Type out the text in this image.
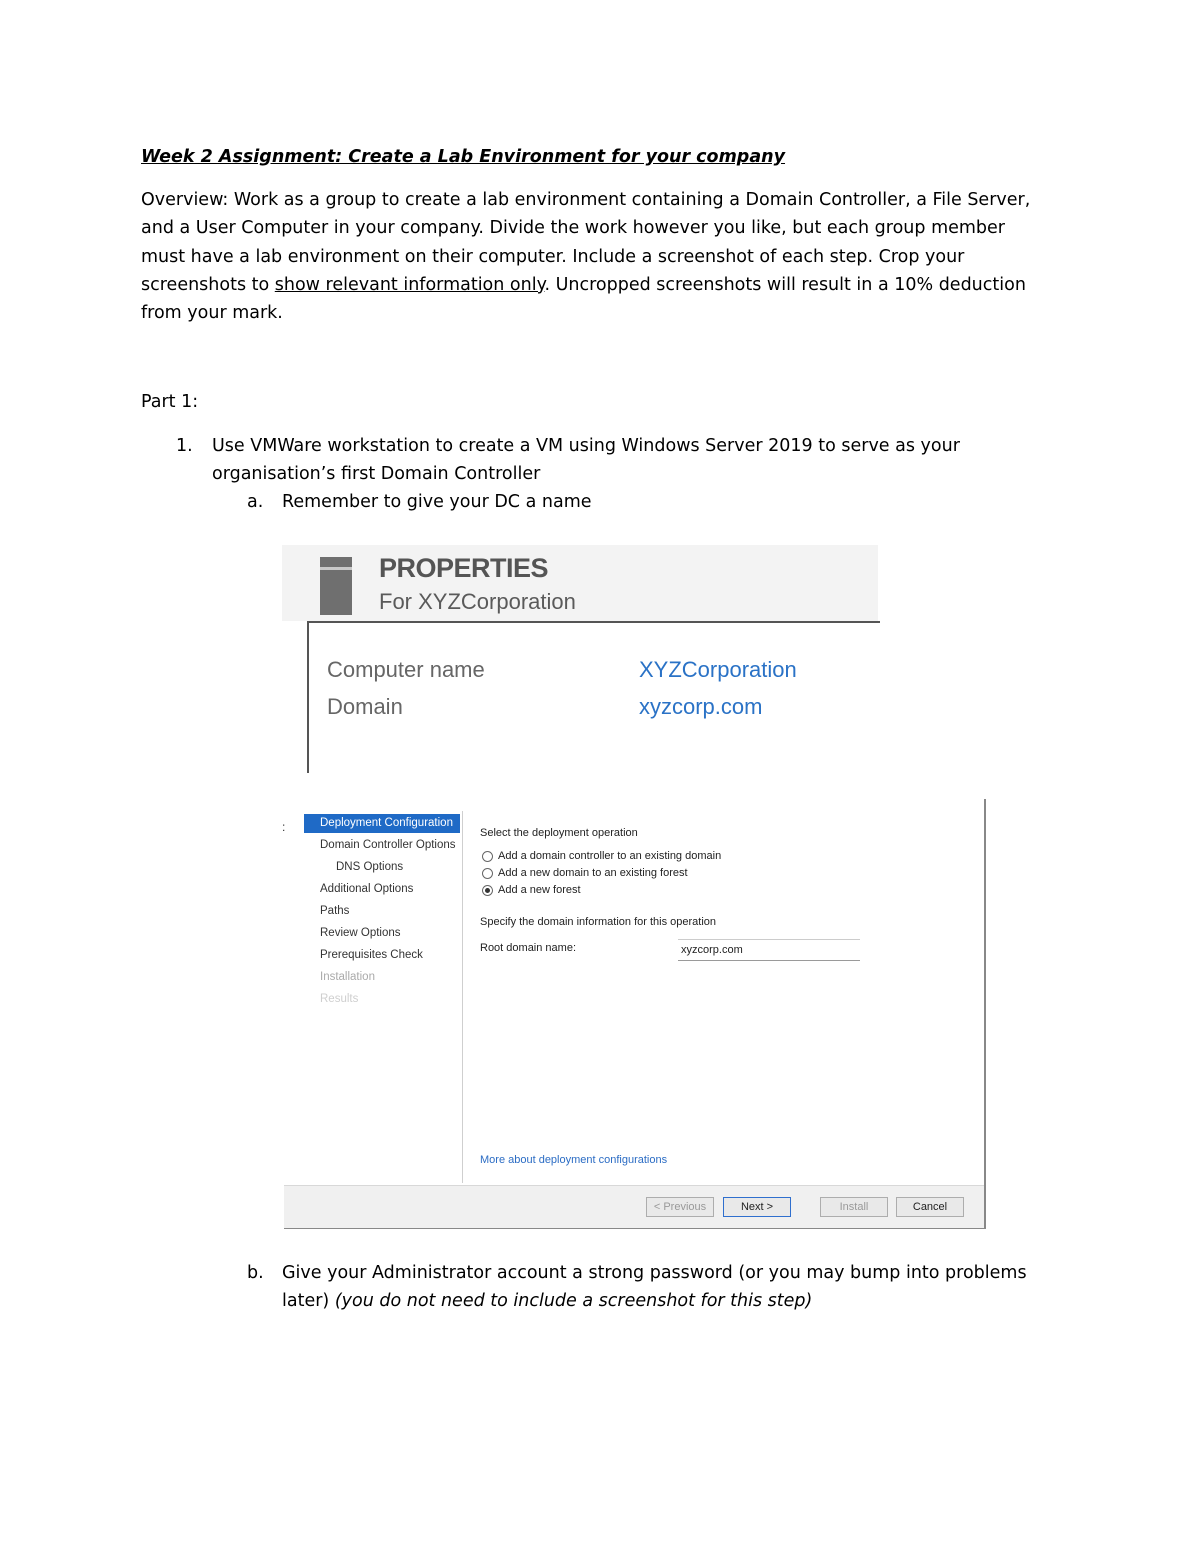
Week 2 Assignment: Create a Lab Environment for your company
Overview: Work as a group to create a lab environment containing a Domain Controller, a File Server, and a User Computer in your company. Divide the work however you like, but each group member must have a lab environment on their computer. Include a screenshot of each step. Crop your screenshots to show relevant information only. Uncropped screenshots will result in a 10% deduction from your mark.
Part 1:
1. Use VMWare workstation to create a VM using Windows Server 2019 to serve as your organisation’s first Domain Controller
a. Remember to give your DC a name
PROPERTIES
For XYZCorporation
Computer name	XYZCorporation
Domain	xyzcorp.com
:	Deployment Configuration
Domain Controller Options
DNS Options
Additional Options
Paths
Review Options
Prerequisites Check
Installation
Results
Select the deployment operation
Add a domain controller to an existing domain
Add a new domain to an existing forest
Add a new forest
Specify the domain information for this operation
Root domain name:	xyzcorp.com
More about deployment configurations
< Previous	Next >	Install	Cancel
b. Give your Administrator account a strong password (or you may bump into problems later) (you do not need to include a screenshot for this step)
